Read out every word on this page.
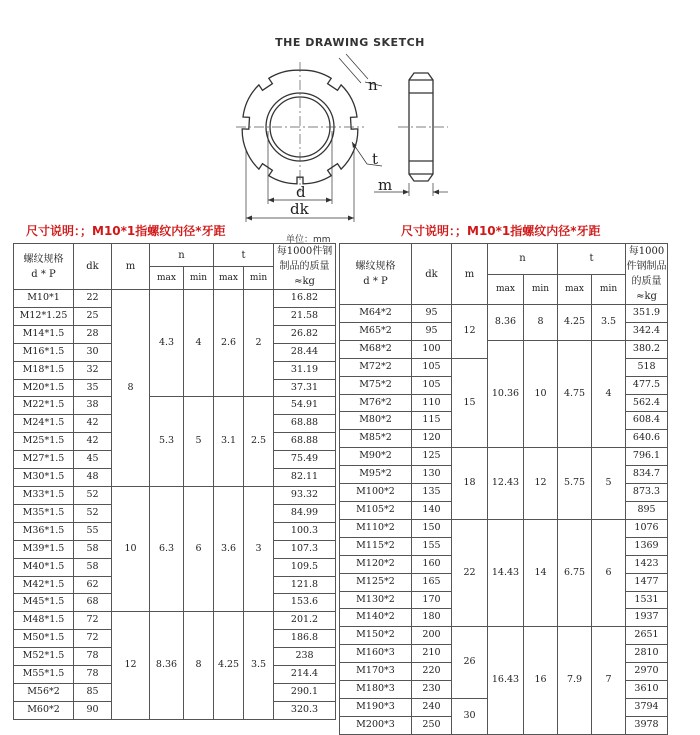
THE DRAWING SKETCH
n
t
d
dk
m
尺寸说明：；M10*1指螺纹内径*牙距	尺寸说明：；M10*1指螺纹内径*牙距
单位：mm
螺纹规格
d * P	dk	m	n		t		每1000件钢制品的质量 ≈kg
			max	min	max	min	
M10*1	22	8	4.3	4	2.6	2	16.82
M12*1.25	25						21.58
M14*1.5	28						26.82
M16*1.5	30						28.44
M18*1.5	32						31.19
M20*1.5	35						37.31
M22*1.5	38		5.3	5	3.1	2.5	54.91
M24*1.5	42						68.88
M25*1.5	42						68.88
M27*1.5	45						75.49
M30*1.5	48						82.11
M33*1.5	52	10	6.3	6	3.6	3	93.32
M35*1.5	52						84.99
M36*1.5	55						100.3
M39*1.5	58						107.3
M40*1.5	58						109.5
M42*1.5	62						121.8
M45*1.5	68						153.6
M48*1.5	72	12	8.36	8	4.25	3.5	201.2
M50*1.5	72						186.8
M52*1.5	78						238
M55*1.5	78						214.4
M56*2	85						290.1
M60*2	90						320.3
螺纹规格
d * P	dk	m	n		t		每1000件钢制品的质量 ≈kg
			max	min	max	min	
M64*2	95	12	8.36	8	4.25	3.5	351.9
M65*2	95						342.4
M68*2	100		10.36	10	4.75	4	380.2
M72*2	105	15					518
M75*2	105						477.5
M76*2	110						562.4
M80*2	115						608.4
M85*2	120						640.6
M90*2	125	18	12.43	12	5.75	5	796.1
M95*2	130						834.7
M100*2	135						873.3
M105*2	140						895
M110*2	150	22	14.43	14	6.75	6	1076
M115*2	155						1369
M120*2	160						1423
M125*2	165						1477
M130*2	170						1531
M140*2	180						1937
M150*2	200	26	16.43	16	7.9	7	2651
M160*3	210						2810
M170*3	220						2970
M180*3	230						3610
M190*3	240	30					3794
M200*3	250						3978
